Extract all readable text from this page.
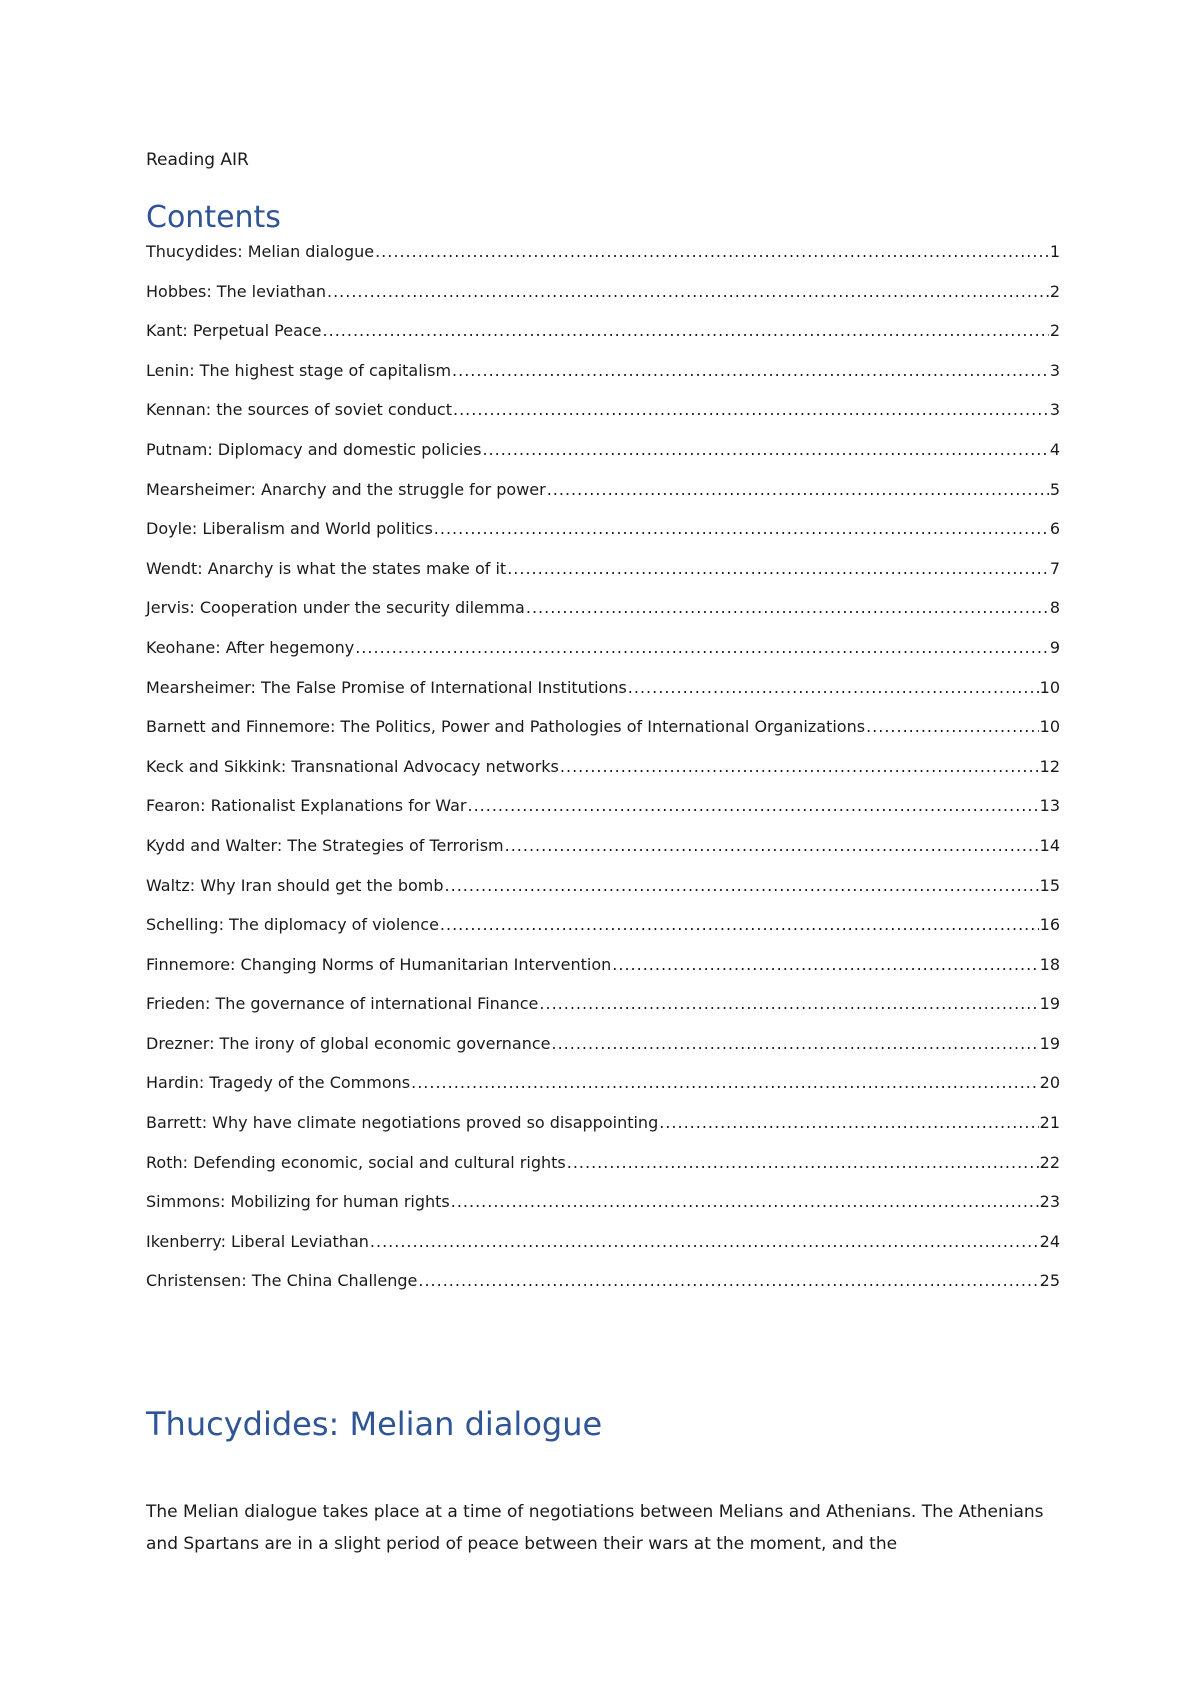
Reading AIR
Contents
Thucydides: Melian dialogue .....	1
Hobbes: The leviathan .....	2
Kant: Perpetual Peace .....	2
Lenin: The highest stage of capitalism .....	3
Kennan: the sources of soviet conduct .....	3
Putnam: Diplomacy and domestic policies .....	4
Mearsheimer: Anarchy and the struggle for power .....	5
Doyle: Liberalism and World politics .....	6
Wendt: Anarchy is what the states make of it .....	7
Jervis: Cooperation under the security dilemma .....	8
Keohane: After hegemony .....	9
Mearsheimer: The False Promise of International Institutions .....	10
Barnett and Finnemore: The Politics, Power and Pathologies of International Organizations .....	10
Keck and Sikkink: Transnational Advocacy networks .....	12
Fearon: Rationalist Explanations for War .....	13
Kydd and Walter: The Strategies of Terrorism .....	14
Waltz: Why Iran should get the bomb .....	15
Schelling: The diplomacy of violence .....	16
Finnemore: Changing Norms of Humanitarian Intervention .....	18
Frieden: The governance of international Finance .....	19
Drezner: The irony of global economic governance .....	19
Hardin: Tragedy of the Commons .....	20
Barrett: Why have climate negotiations proved so disappointing .....	21
Roth: Defending economic, social and cultural rights .....	22
Simmons: Mobilizing for human rights .....	23
Ikenberry: Liberal Leviathan .....	24
Christensen: The China Challenge .....	25
Thucydides: Melian dialogue

The Melian dialogue takes place at a time of negotiations between Melians and Athenians. The Athenians and Spartans are in a slight period of peace between their wars at the moment, and the
